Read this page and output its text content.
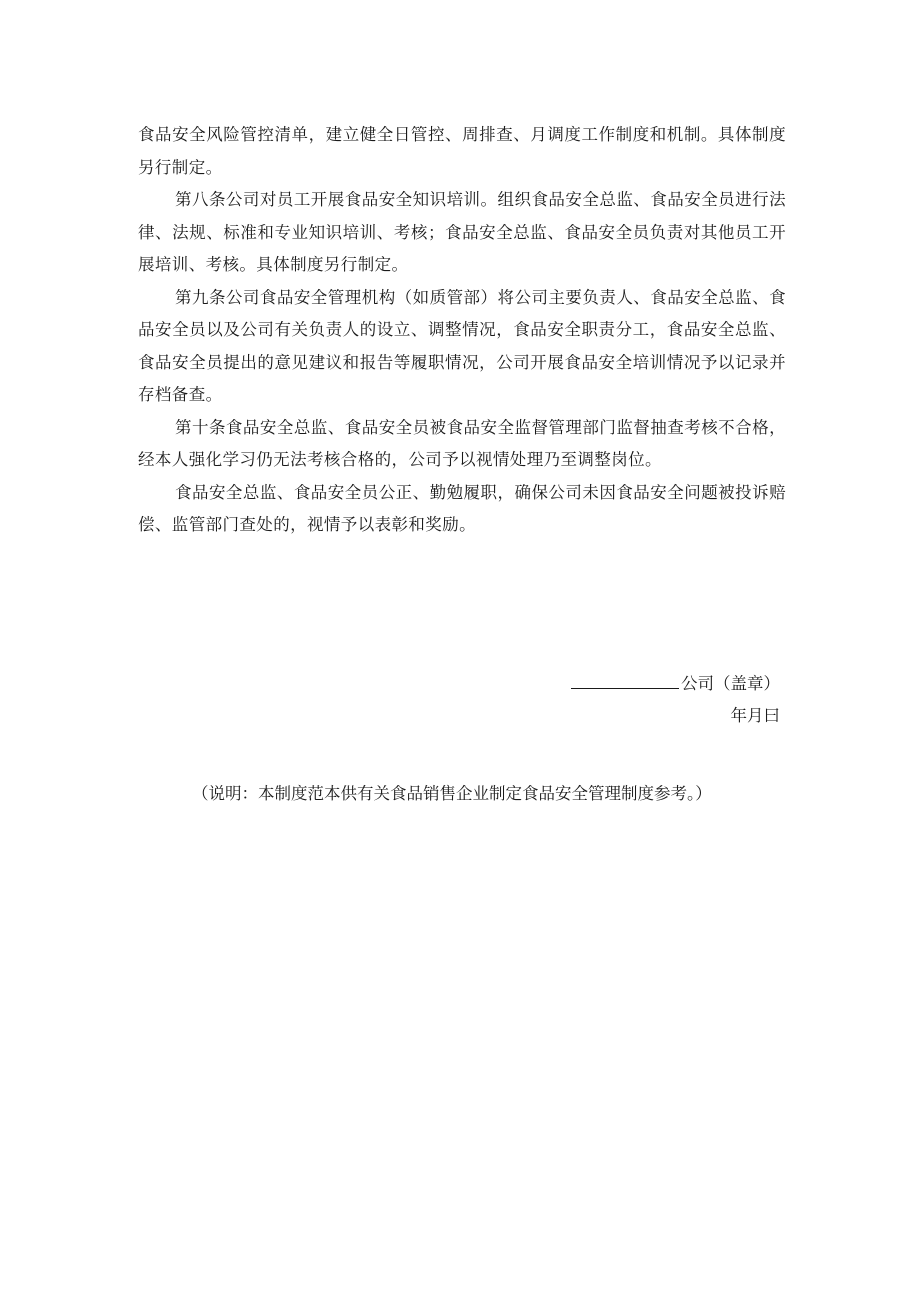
食品安全风险管控清单，建立健全日管控、周排查、月调度工作制度和机制。具体制度另行制定。

第八条公司对员工开展食品安全知识培训。组织食品安全总监、食品安全员进行法律、法规、标准和专业知识培训、考核；食品安全总监、食品安全员负责对其他员工开展培训、考核。具体制度另行制定。

第九条公司食品安全管理机构（如质管部）将公司主要负责人、食品安全总监、食品安全员以及公司有关负责人的设立、调整情况，食品安全职责分工，食品安全总监、食品安全员提出的意见建议和报告等履职情况，公司开展食品安全培训情况予以记录并存档备查。

第十条食品安全总监、食品安全员被食品安全监督管理部门监督抽查考核不合格，经本人强化学习仍无法考核合格的，公司予以视情处理乃至调整岗位。

食品安全总监、食品安全员公正、勤勉履职，确保公司未因食品安全问题被投诉赔偿、监管部门查处的，视情予以表彰和奖励。

公司（盖章）
年月曰
（说明：本制度范本供有关食品销售企业制定食品安全管理制度参考。）
